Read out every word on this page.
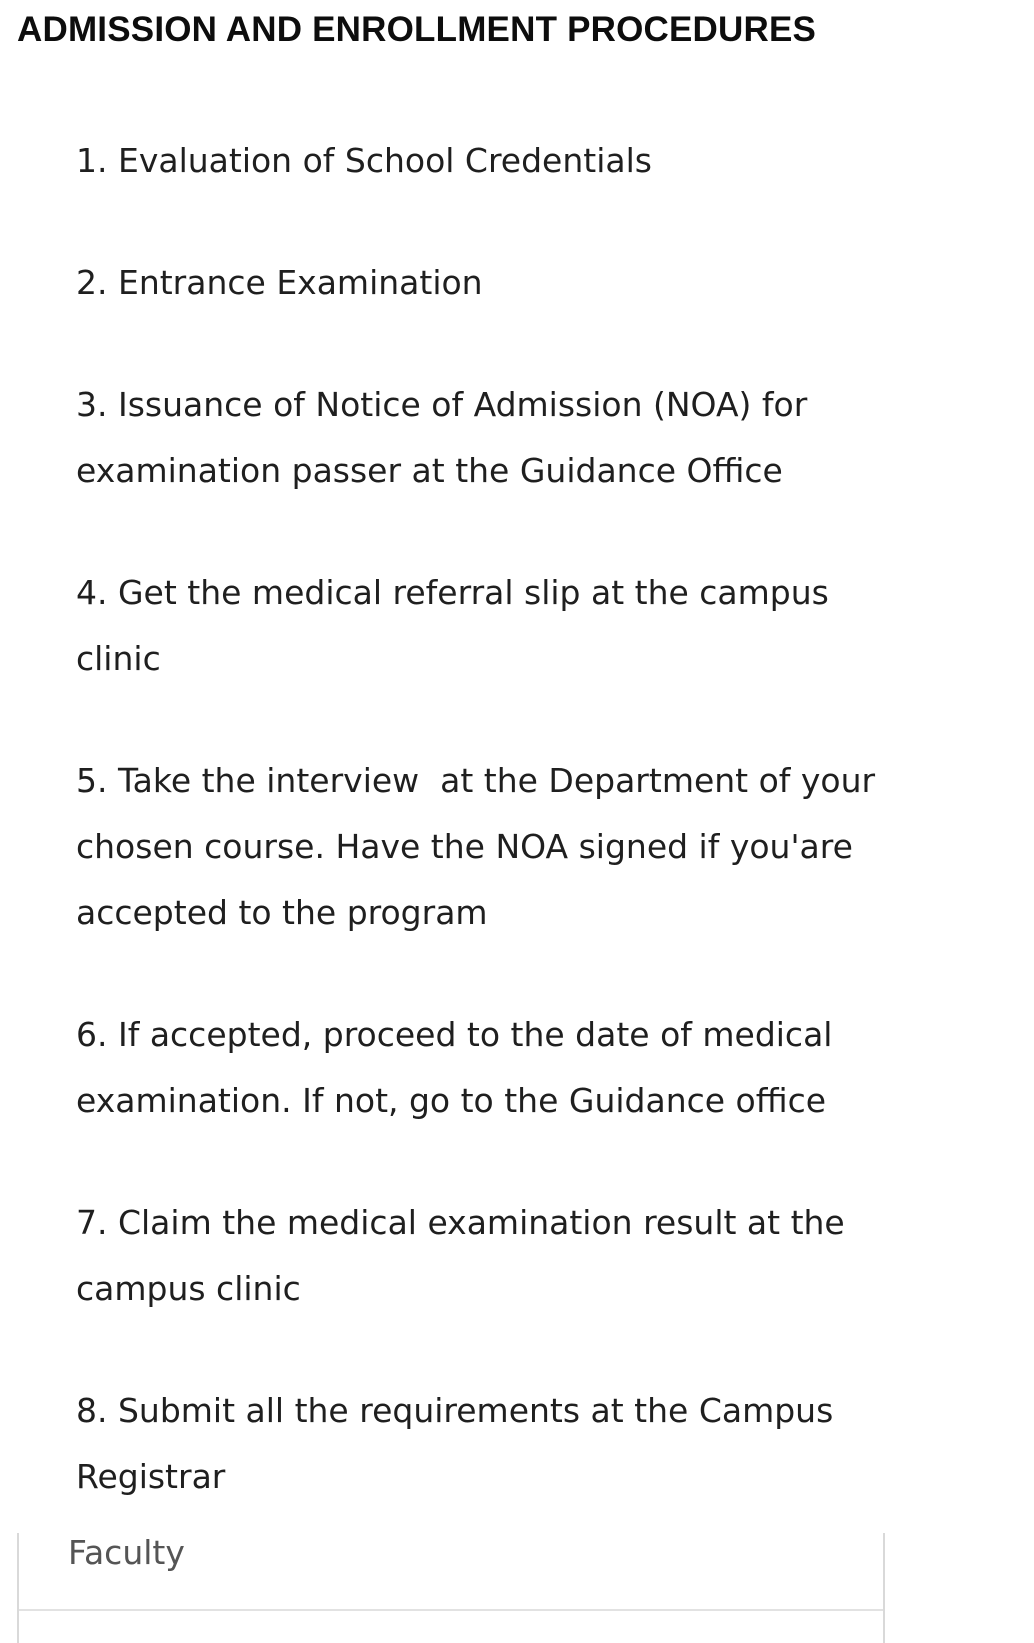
ADMISSION AND ENROLLMENT PROCEDURES
1. Evaluation of School Credentials
2. Entrance Examination
3. Issuance of Notice of Admission (NOA) for examination passer at the Guidance Office
4. Get the medical referral slip at the campus clinic
5. Take the interview  at the Department of your chosen course. Have the NOA signed if you'are accepted to the program
6. If accepted, proceed to the date of medical examination. If not, go to the Guidance office
7. Claim the medical examination result at the campus clinic
8. Submit all the requirements at the Campus Registrar
Faculty
